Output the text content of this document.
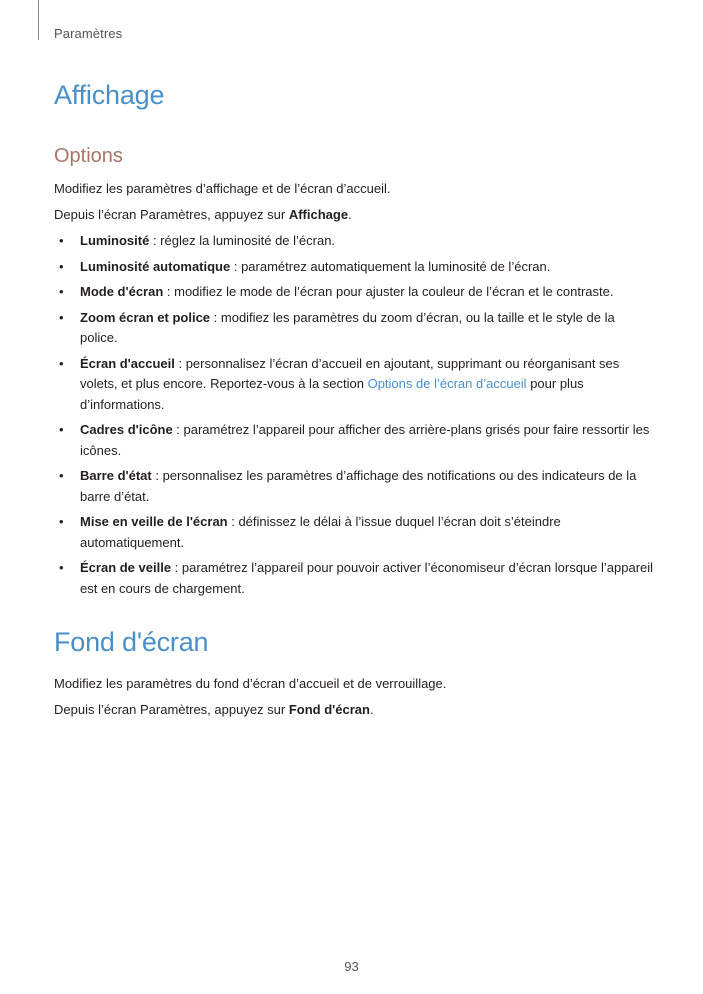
Paramètres
Affichage
Options

Modifiez les paramètres d’affichage et de l’écran d’accueil.

Depuis l’écran Paramètres, appuyez sur Affichage.

• Luminosité : réglez la luminosité de l’écran.
• Luminosité automatique : paramétrez automatiquement la luminosité de l’écran.
• Mode d'écran : modifiez le mode de l’écran pour ajuster la couleur de l’écran et le contraste.
• Zoom écran et police : modifiez les paramètres du zoom d’écran, ou la taille et le style de la police.
• Écran d'accueil : personnalisez l’écran d’accueil en ajoutant, supprimant ou réorganisant ses volets, et plus encore. Reportez-vous à la section Options de l’écran d’accueil pour plus d’informations.
• Cadres d'icône : paramétrez l’appareil pour afficher des arrière-plans grisés pour faire ressortir les icônes.
• Barre d'état : personnalisez les paramètres d’affichage des notifications ou des indicateurs de la barre d’état.
• Mise en veille de l'écran : définissez le délai à l’issue duquel l’écran doit s’éteindre automatiquement.
• Écran de veille : paramétrez l’appareil pour pouvoir activer l’économiseur d’écran lorsque l’appareil est en cours de chargement.
Fond d'écran

Modifiez les paramètres du fond d’écran d’accueil et de verrouillage.

Depuis l’écran Paramètres, appuyez sur Fond d'écran.

93
